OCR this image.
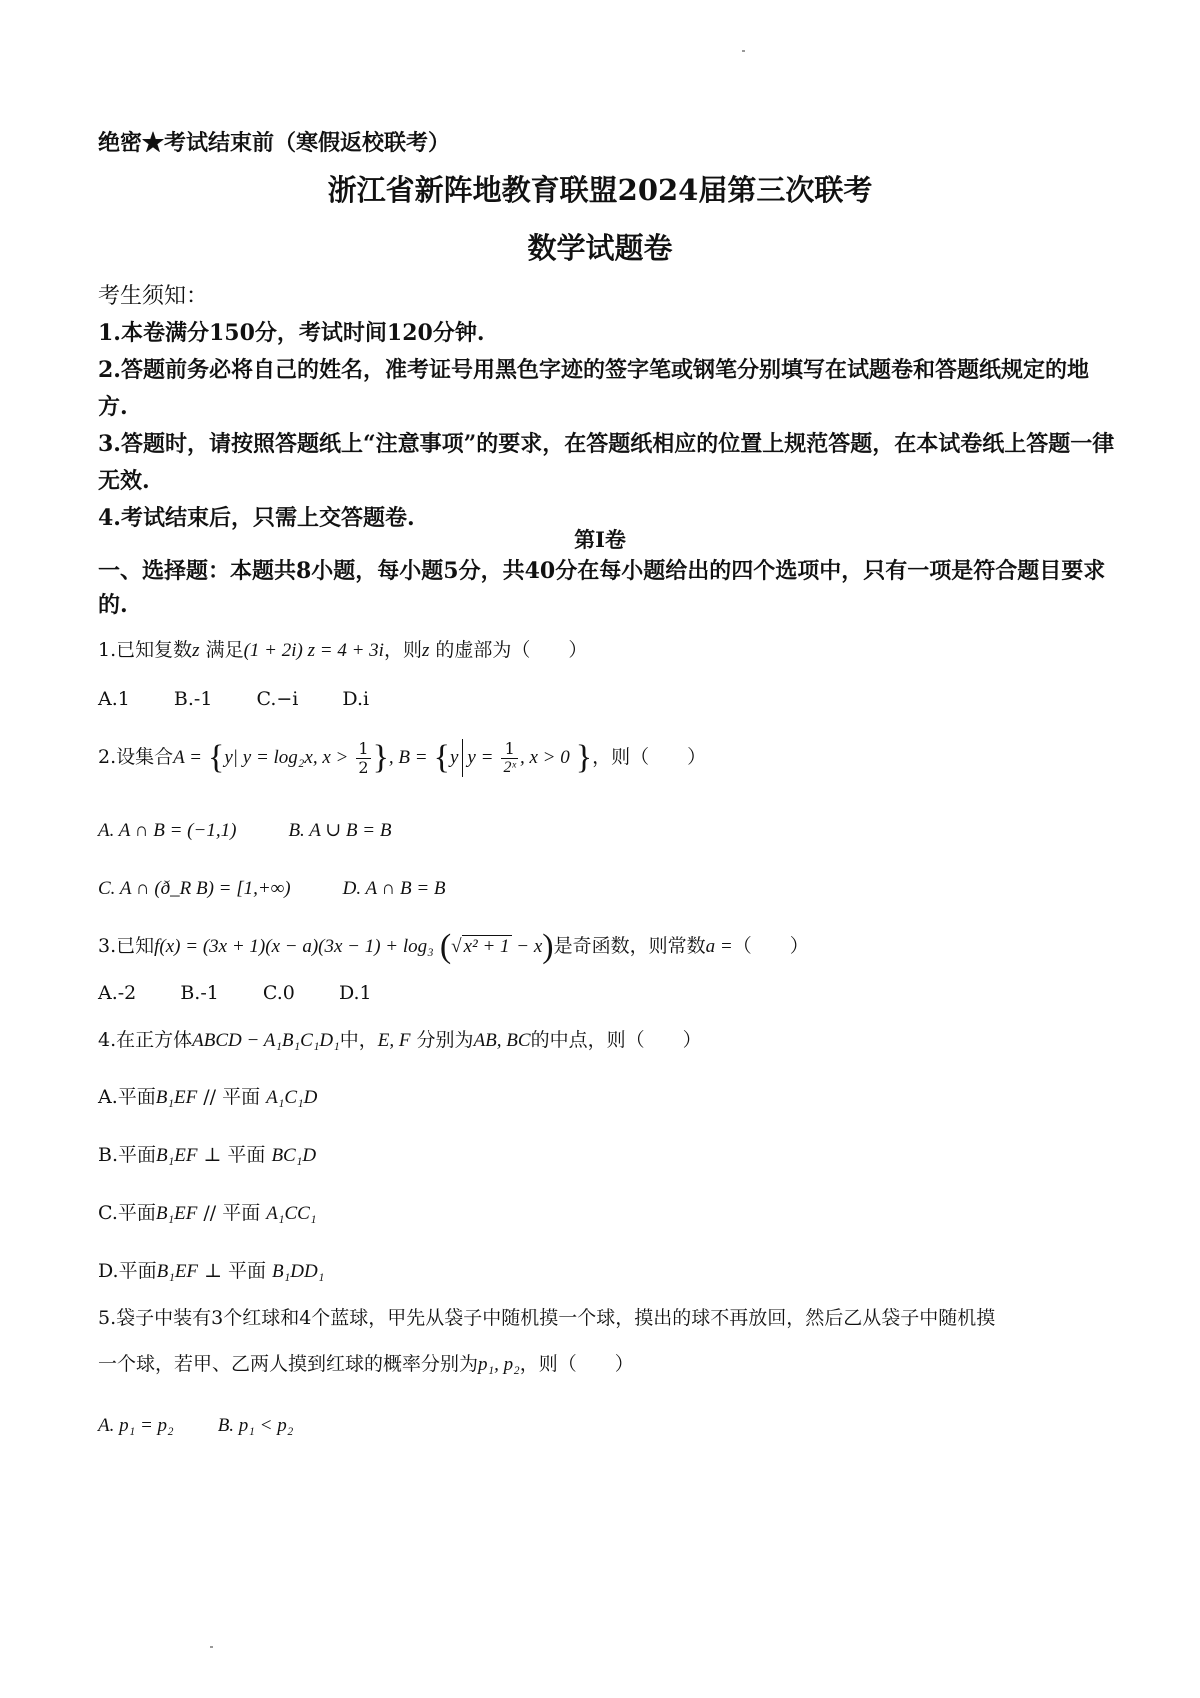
绝密★考试结束前（寒假返校联考）
浙江省新阵地教育联盟2024届第三次联考
数学试题卷
考生须知：
1.本卷满分150分，考试时间120分钟.
2.答题前务必将自己的姓名，准考证号用黑色字迹的签字笔或钢笔分别填写在试题卷和答题纸规定的地方.
3.答题时，请按照答题纸上“注意事项”的要求，在答题纸相应的位置上规范答题，在本试卷纸上答题一律无效.
4.考试结束后，只需上交答题卷.
第I卷
一、选择题：本题共8小题，每小题5分，共40分在每小题给出的四个选项中，只有一项是符合题目要求的.
1.已知复数z 满足(1 + 2i) z = 4 + 3i，则z 的虚部为（　　）
A.1 B.-1 C.−i D.i
2.设集合A = {y| y = log₂x, $x > \frac{1}{2}$ }, B = {y $y = \frac{1}{\text{2ˣ}}$ , x > 0 }，则（　　）
A. A ∩ B = (−1,1)	B. A ∪ B = B
C. A ∩ (ð_R B) = [1,+∞)	D. A ∩ B = B
3.已知f(x) = (3x + 1)(x − a)(3x − 1) + log₃ (√ x² + 1 − x)是奇函数，则常数a =（　　）
A.-2 B.-1 C.0 D.1
4.在正方体ABCD − A₁B₁C₁D₁中，E, F 分别为AB, BC的中点，则（　　）
A.平面B₁EF // 平面 A₁C₁D
B.平面B₁EF ⊥ 平面 BC₁D
C.平面B₁EF // 平面 A₁CC₁
D.平面B₁EF ⊥ 平面 B₁DD₁
5.袋子中装有3个红球和4个蓝球，甲先从袋子中随机摸一个球，摸出的球不再放回，然后乙从袋子中随机摸
一个球，若甲、乙两人摸到红球的概率分别为p₁, p₂，则（　　）
A. p₁ = p₂ B. p₁ < p₂
